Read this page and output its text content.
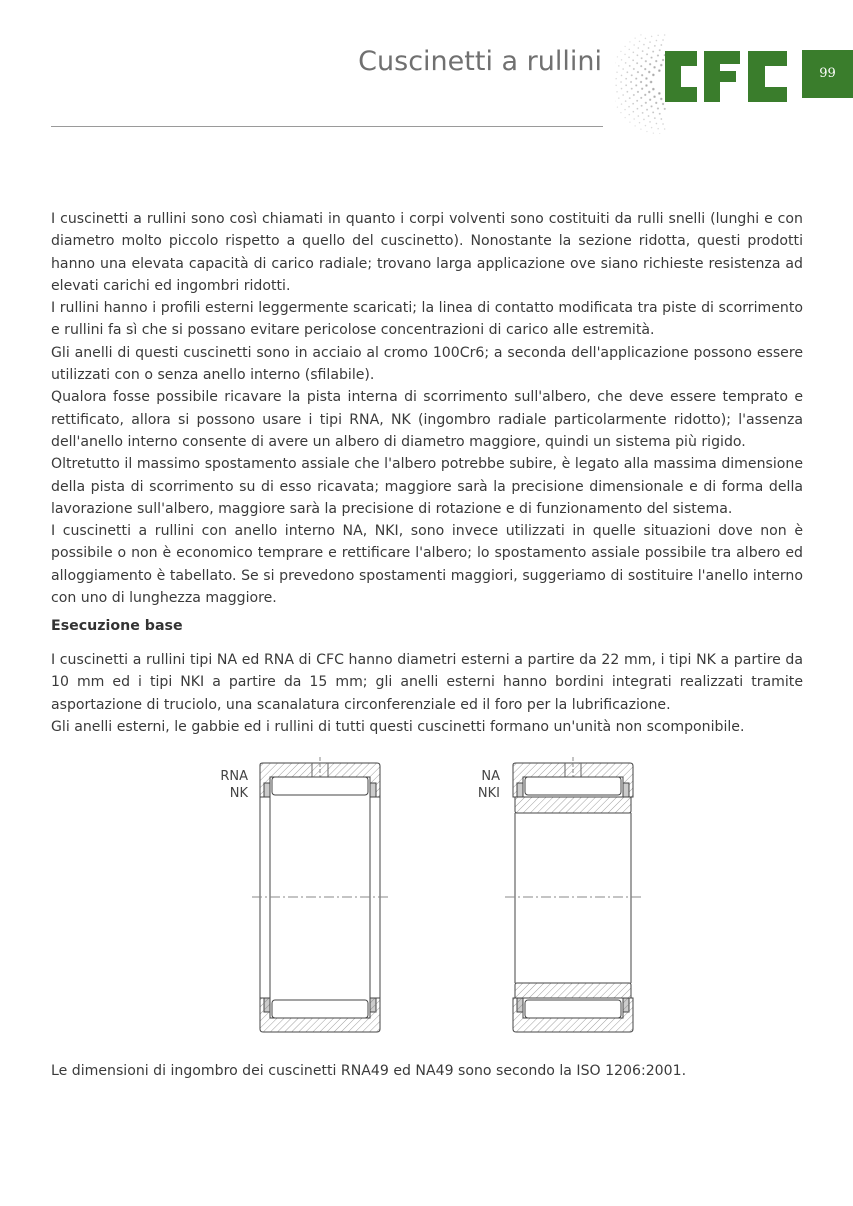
Cuscinetti a rullini	99

I cuscinetti a rullini sono così chiamati in quanto i corpi volventi sono costituiti da rulli snelli (lunghi e con diametro molto piccolo rispetto a quello del cuscinetto). Nonostante la sezione ridotta, questi prodotti hanno una elevata capacità di carico radiale; trovano larga applicazione ove siano richieste resistenza ad elevati carichi ed ingombri ridotti.

I rullini hanno i profili esterni leggermente scaricati; la linea di contatto modificata tra piste di scorrimento e rullini fa sì che si possano evitare pericolose concentrazioni di carico alle estremità.

Gli anelli di questi cuscinetti sono in acciaio al cromo 100Cr6; a seconda dell'applicazione possono essere utilizzati con o senza anello interno (sfilabile).

Qualora fosse possibile ricavare la pista interna di scorrimento sull'albero, che deve essere temprato e rettificato, allora si possono usare i tipi RNA, NK (ingombro radiale particolarmente ridotto); l'assenza dell'anello interno consente di avere un albero di diametro maggiore, quindi un sistema più rigido.

Oltretutto il massimo spostamento assiale che l'albero potrebbe subire, è legato alla massima dimensione della pista di scorrimento su di esso ricavata; maggiore sarà la precisione dimensionale e di forma della lavorazione sull'albero, maggiore sarà la precisione di rotazione e di funzionamento del sistema.

I cuscinetti a rullini con anello interno NA, NKI, sono invece utilizzati in quelle situazioni dove non è possibile o non è economico temprare e rettificare l'albero; lo spostamento assiale possibile tra albero ed alloggiamento è tabellato. Se si prevedono spostamenti maggiori, suggeriamo di sostituire l'anello interno con uno di lunghezza maggiore.

Esecuzione base

I cuscinetti a rullini tipi NA ed RNA di CFC hanno diametri esterni a partire da 22 mm, i tipi NK a partire da 10 mm ed i tipi NKI a partire da 15 mm; gli anelli esterni hanno bordini integrati realizzati tramite asportazione di truciolo, una scanalatura circonferenziale ed il foro per la lubrificazione.

Gli anelli esterni, le gabbie ed i rullini di tutti questi cuscinetti formano un'unità non scomponibile.

RNA
NK
NA
NKI
Le dimensioni di ingombro dei cuscinetti RNA49 ed NA49 sono secondo la ISO 1206:2001.
